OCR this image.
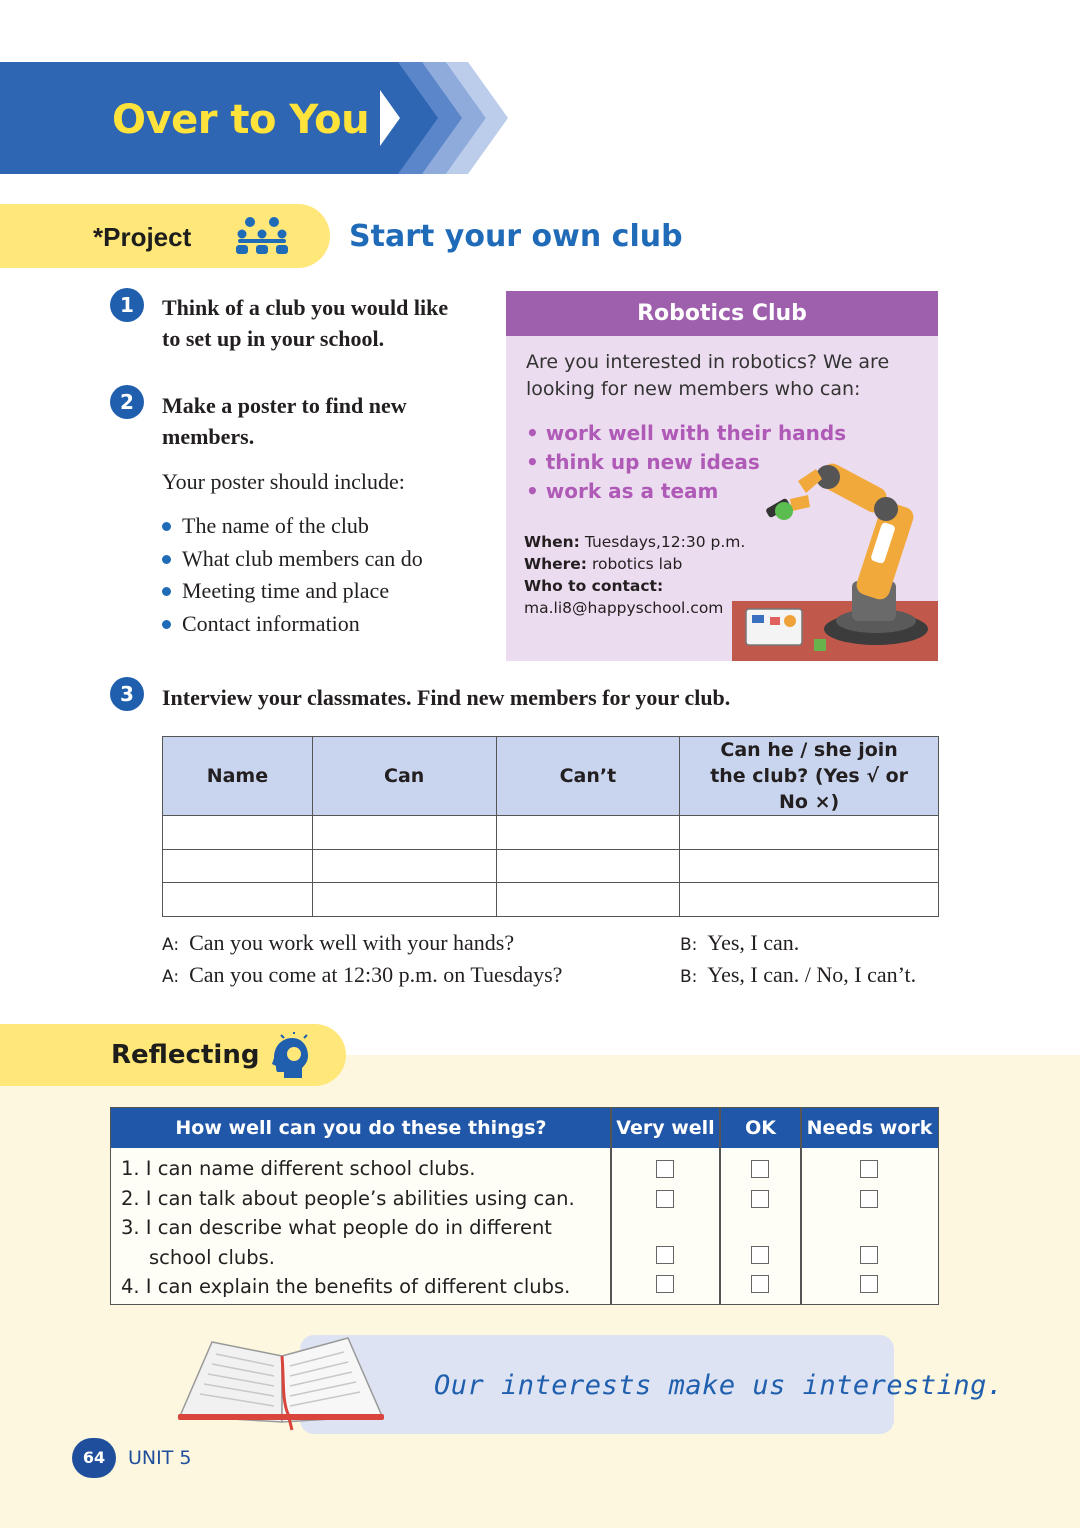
Over to You
*Project	Start your own club
1	Think of a club you would like
to set up in your school.
2	Make a poster to find new
members.
Your poster should include:
The name of the club
What club members can do
Meeting time and place
Contact information
Robotics Club
Are you interested in robotics? We are looking for new members who can:
• work well with their hands
• think up new ideas
• work as a team
When: Tuesdays,12:30 p.m.
Where: robotics lab
Who to contact:
ma.li8@happyschool.com
3	Interview your classmates. Find new members for your club.
Name	Can	Can’t	Can he / she join the club? (Yes √ or No ×)

A: Can you work well with your hands?	B: Yes, I can.
A: Can you come at 12:30 p.m. on Tuesdays?	B: Yes, I can. / No, I can’t.
Reflecting
How well can you do these things?	Very well	OK	Needs work
1. I can name different school clubs.
2. I can talk about people’s abilities using can.
3. I can describe what people do in different school clubs.
4. I can explain the benefits of different clubs.
Our interests make us interesting.
64	UNIT 5
